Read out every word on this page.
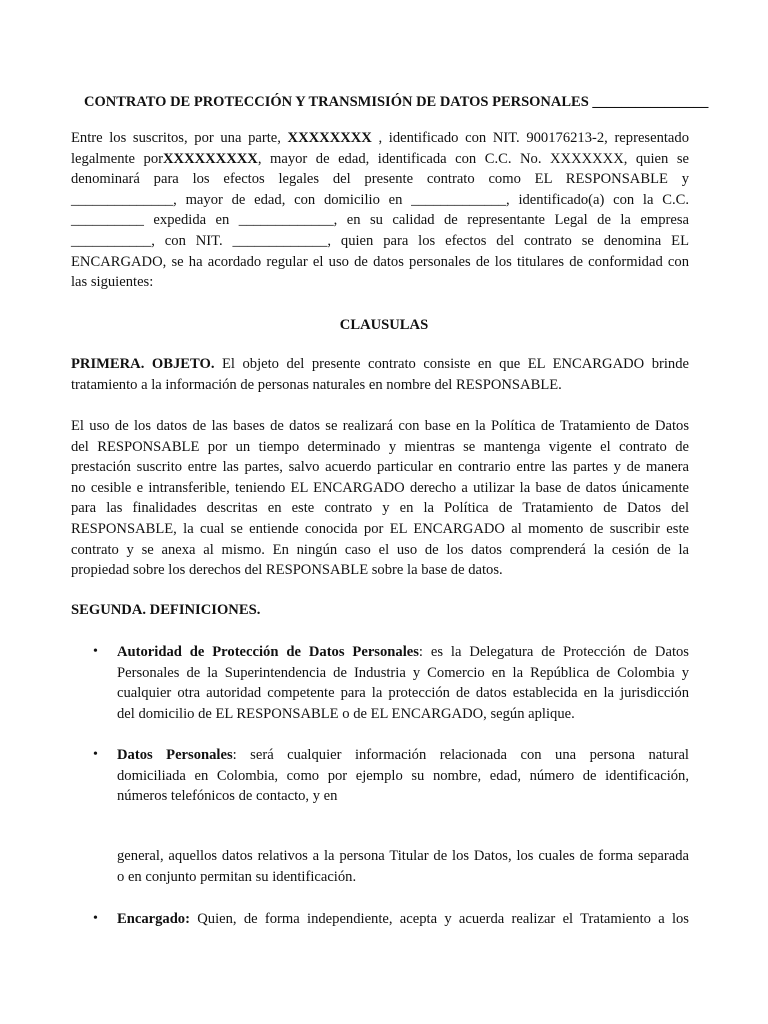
CONTRATO DE PROTECCIÓN Y TRANSMISIÓN DE DATOS PERSONALES ________________
Entre los suscritos, por una parte, XXXXXXXX , identificado con NIT. 900176213-2, representado
legalmente porXXXXXXXXX, mayor de edad, identificada con C.C. No. XXXXXXX, quien se
denominará para los efectos legales del presente contrato como EL RESPONSABLE y
______________, mayor de edad, con domicilio en _____________, identificado(a) con la C.C.
__________ expedida en _____________, en su calidad de representante Legal de la empresa
___________, con NIT. _____________, quien para los efectos del contrato se denomina EL
ENCARGADO, se ha acordado regular el uso de datos personales de los titulares de conformidad con
las siguientes:
CLAUSULAS
PRIMERA. OBJETO. El objeto del presente contrato consiste en que EL ENCARGADO brinde
tratamiento a la información de personas naturales en nombre del RESPONSABLE.
El uso de los datos de las bases de datos se realizará con base en la Política de Tratamiento de Datos
del RESPONSABLE por un tiempo determinado y mientras se mantenga vigente el contrato de
prestación suscrito entre las partes, salvo acuerdo particular en contrario entre las partes y de manera
no cesible e intransferible, teniendo EL ENCARGADO derecho a utilizar la base de datos únicamente
para las finalidades descritas en este contrato y en la Política de Tratamiento de Datos del
RESPONSABLE, la cual se entiende conocida por EL ENCARGADO al momento de suscribir este
contrato y se anexa al mismo. En ningún caso el uso de los datos comprenderá la cesión de la
propiedad sobre los derechos del RESPONSABLE sobre la base de datos.
SEGUNDA. DEFINICIONES.
• Autoridad de Protección de Datos Personales: es la Delegatura de Protección de Datos
Personales de la Superintendencia de Industria y Comercio en la República de Colombia y
cualquier otra autoridad competente para la protección de datos establecida en la jurisdicción
del domicilio de EL RESPONSABLE o de EL ENCARGADO, según aplique.
• Datos Personales: será cualquier información relacionada con una persona natural
domiciliada en Colombia, como por ejemplo su nombre, edad, número de identificación,
números telefónicos de contacto, y en
general, aquellos datos relativos a la persona Titular de los Datos, los cuales de forma separada
o en conjunto permitan su identificación.
• Encargado: Quien, de forma independiente, acepta y acuerda realizar el Tratamiento a los
